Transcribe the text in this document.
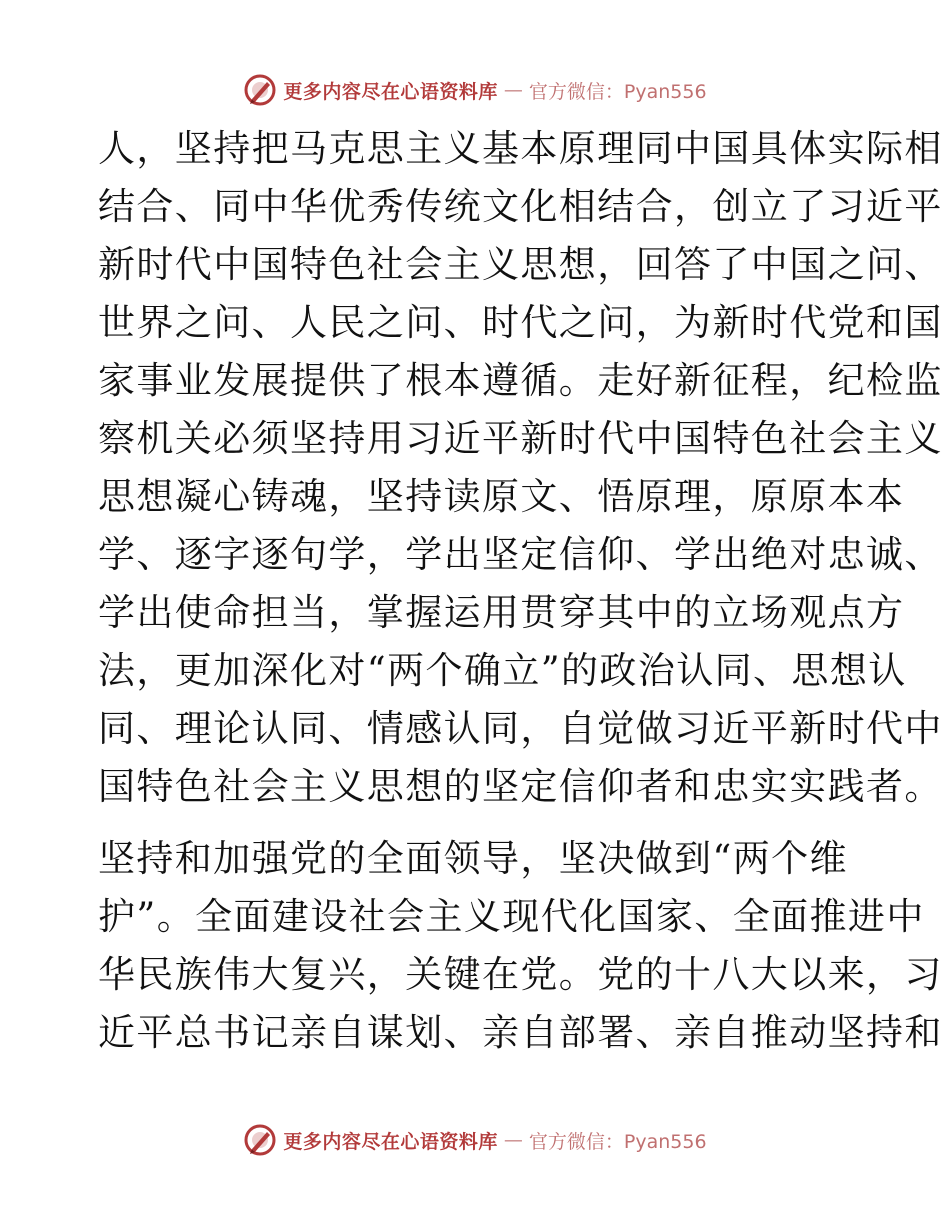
更多内容尽在心语资料库 — 官方微信：Pyan556
人，坚持把马克思主义基本原理同中国具体实际相
结合、同中华优秀传统文化相结合，创立了习近平
新时代中国特色社会主义思想，回答了中国之问、
世界之问、人民之问、时代之问，为新时代党和国
家事业发展提供了根本遵循。走好新征程，纪检监
察机关必须坚持用习近平新时代中国特色社会主义
思想凝心铸魂，坚持读原文、悟原理，原原本本
学、逐字逐句学，学出坚定信仰、学出绝对忠诚、
学出使命担当，掌握运用贯穿其中的立场观点方
法，更加深化对“两个确立”的政治认同、思想认
同、理论认同、情感认同，自觉做习近平新时代中
国特色社会主义思想的坚定信仰者和忠实实践者。
坚持和加强党的全面领导，坚决做到“两个维
护”。全面建设社会主义现代化国家、全面推进中
华民族伟大复兴，关键在党。党的十八大以来，习
近平总书记亲自谋划、亲自部署、亲自推动坚持和
更多内容尽在心语资料库 — 官方微信：Pyan556
